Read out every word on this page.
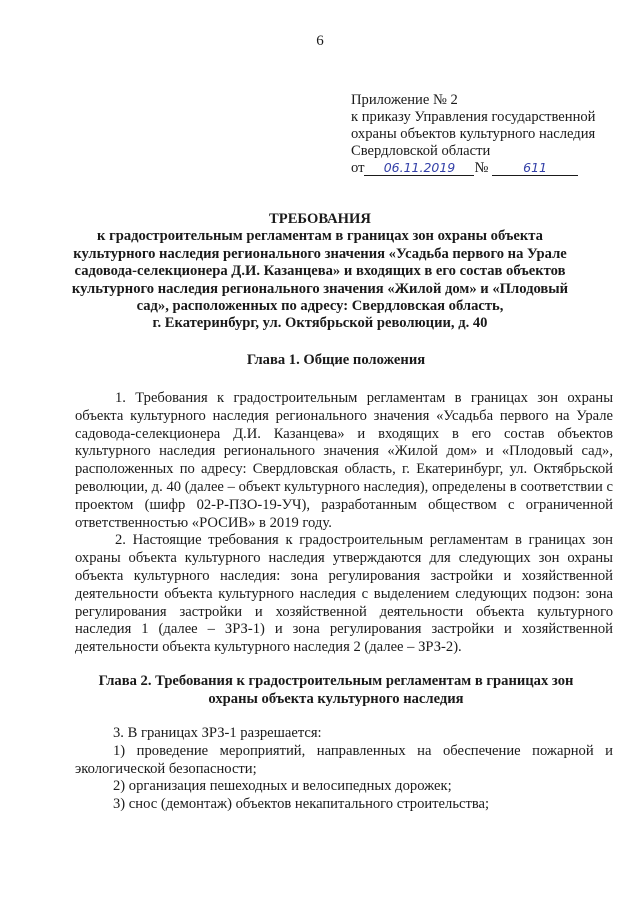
6
Приложение № 2
к приказу Управления государственной
охраны объектов культурного наследия
Свердловской области
от 06.11.2019 №	611
ТРЕБОВАНИЯ
к градостроительным регламентам в границах зон охраны объекта
культурного наследия регионального значения «Усадьба первого на Урале
садовода-селекционера Д.И. Казанцева» и входящих в его состав объектов
культурного наследия регионального значения «Жилой дом» и «Плодовый
сад», расположенных по адресу: Свердловская область,
г. Екатеринбург, ул. Октябрьской революции, д. 40
Глава 1. Общие положения

1. Требования к градостроительным регламентам в границах зон охраны объекта культурного наследия регионального значения «Усадьба первого на Урале садовода-селекционера Д.И. Казанцева» и входящих в его состав объектов культурного наследия регионального значения «Жилой дом» и «Плодовый сад», расположенных по адресу: Свердловская область, г. Екатеринбург, ул. Октябрьской революции, д. 40 (далее – объект культурного наследия), определены в соответствии с проектом (шифр 02-Р-ПЗО-19-УЧ), разработанным обществом с ограниченной ответственностью «РОСИВ» в 2019 году.

2. Настоящие требования к градостроительным регламентам в границах зон охраны объекта культурного наследия утверждаются для следующих зон охраны объекта культурного наследия: зона регулирования застройки и хозяйственной деятельности объекта культурного наследия с выделением следующих подзон: зона регулирования застройки и хозяйственной деятельности объекта культурного наследия 1 (далее – ЗРЗ-1) и зона регулирования застройки и хозяйственной деятельности объекта культурного наследия 2 (далее – ЗРЗ-2).

Глава 2. Требования к градостроительным регламентам в границах зон
охраны объекта культурного наследия

3. В границах ЗРЗ-1 разрешается:

1) проведение мероприятий, направленных на обеспечение пожарной и экологической безопасности;

2) организация пешеходных и велосипедных дорожек;

3) снос (демонтаж) объектов некапитального строительства;
